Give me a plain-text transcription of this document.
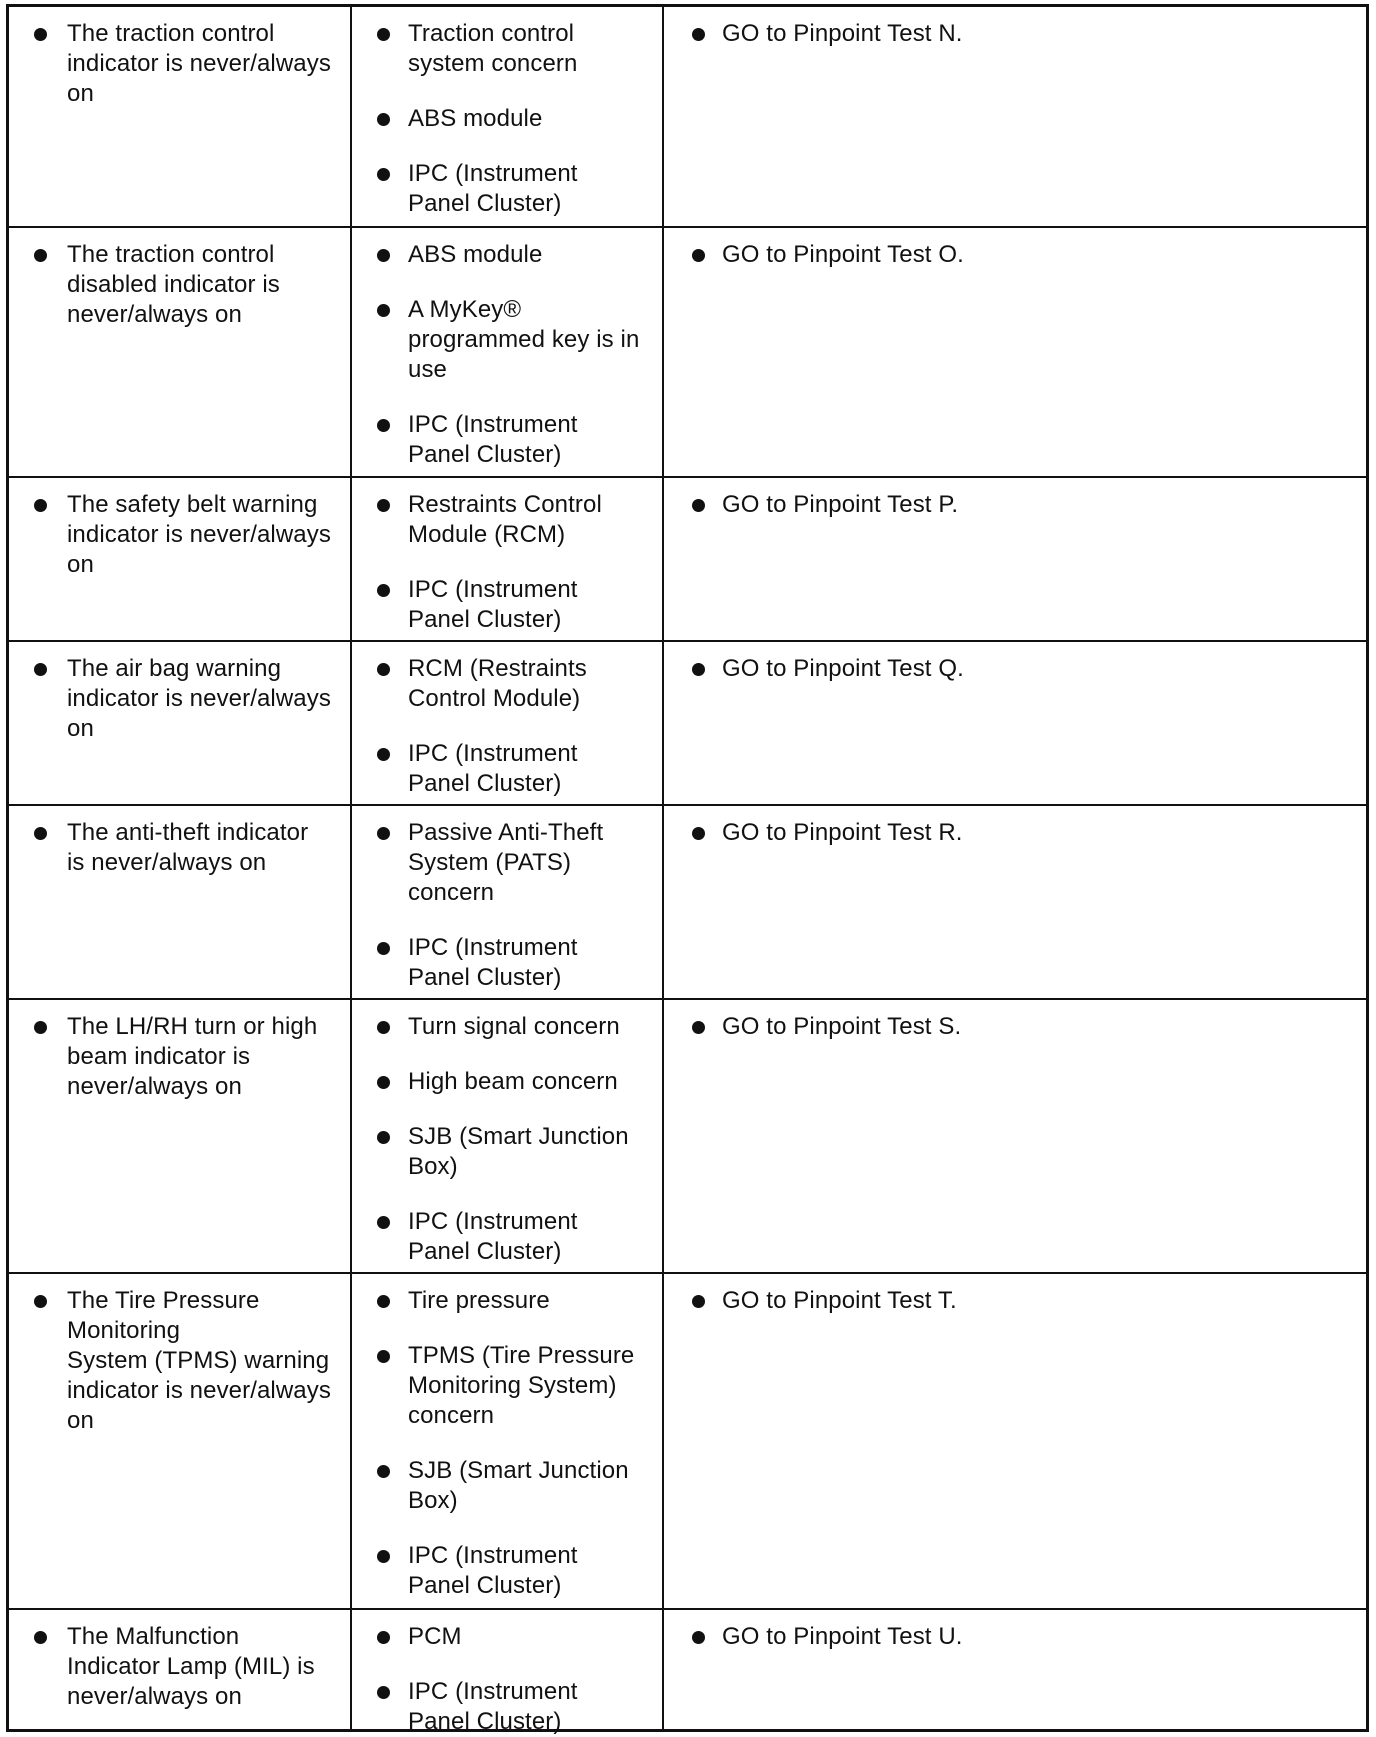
The traction control
indicator is never/always
on
Traction control
system concern
ABS module
IPC (Instrument
Panel Cluster)
GO to Pinpoint Test N.
The traction control
disabled indicator is
never/always on
ABS module
A MyKey®
programmed key is in
use
IPC (Instrument
Panel Cluster)
GO to Pinpoint Test O.
The safety belt warning
indicator is never/always
on
Restraints Control
Module (RCM)
IPC (Instrument
Panel Cluster)
GO to Pinpoint Test P.
The air bag warning
indicator is never/always
on
RCM (Restraints
Control Module)
IPC (Instrument
Panel Cluster)
GO to Pinpoint Test Q.
The anti-theft indicator
is never/always on
Passive Anti-Theft
System (PATS)
concern
IPC (Instrument
Panel Cluster)
GO to Pinpoint Test R.
The LH/RH turn or high
beam indicator is
never/always on
Turn signal concern
High beam concern
SJB (Smart Junction
Box)
IPC (Instrument
Panel Cluster)
GO to Pinpoint Test S.
The Tire Pressure
Monitoring
System (TPMS) warning
indicator is never/always
on
Tire pressure
TPMS (Tire Pressure
Monitoring System)
concern
SJB (Smart Junction
Box)
IPC (Instrument
Panel Cluster)
GO to Pinpoint Test T.
The Malfunction
Indicator Lamp (MIL) is
never/always on
PCM
IPC (Instrument
Panel Cluster)
GO to Pinpoint Test U.
